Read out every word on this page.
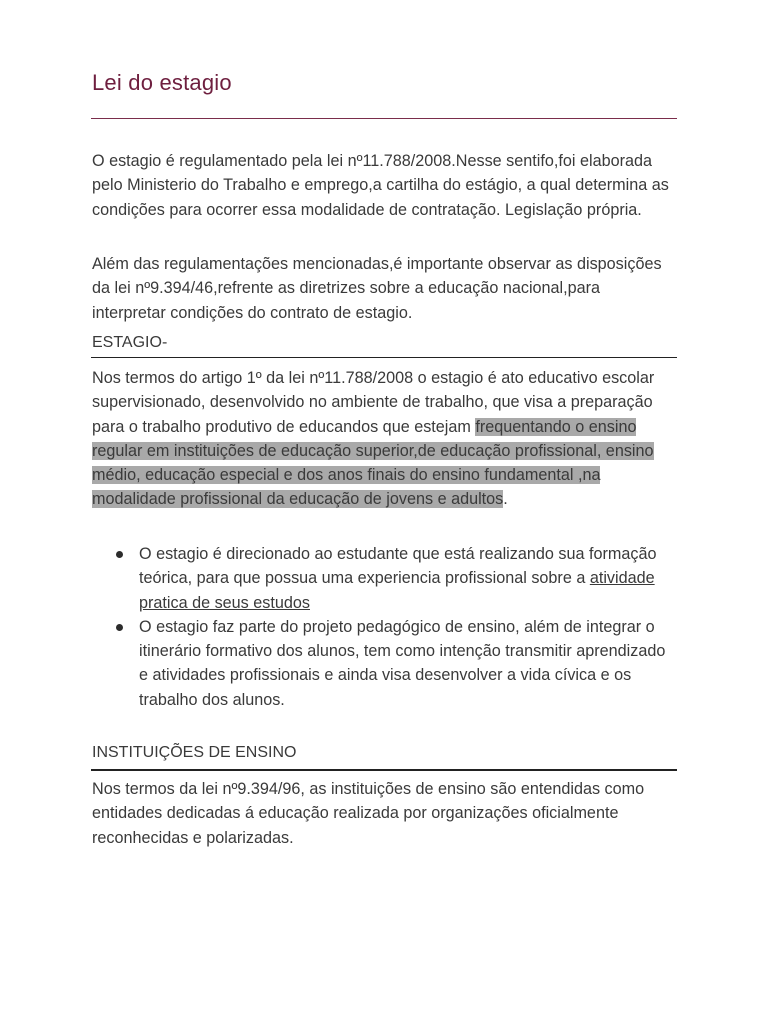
Lei do estagio

O estagio é regulamentado pela lei nº11.788/2008.Nesse sentifo,foi elaborada pelo Ministerio do Trabalho e emprego,a cartilha do estágio, a qual determina as condições para ocorrer essa modalidade de contratação. Legislação própria.

Além das regulamentações mencionadas,é importante observar as disposições da lei nº9.394/46,refrente as diretrizes sobre a educação nacional,para interpretar condições do contrato de estagio.

ESTAGIO-

Nos termos do artigo 1º da lei nº11.788/2008 o estagio é ato educativo escolar supervisionado, desenvolvido no ambiente de trabalho, que visa a preparação para o trabalho produtivo de educandos que estejam frequentando o ensino regular em instituições de educação superior,de educação profissional, ensino médio, educação especial e dos anos finais do ensino fundamental ,na modalidade profissional da educação de jovens e adultos.

O estagio é direcionado ao estudante que está realizando sua formação teórica, para que possua uma experiencia profissional sobre a atividade pratica de seus estudos
O estagio faz parte do projeto pedagógico de ensino, além de integrar o itinerário formativo dos alunos, tem como intenção transmitir aprendizado e atividades profissionais e ainda visa desenvolver a vida cívica e os trabalho dos alunos.
INSTITUIÇÕES DE ENSINO

Nos termos da lei nº9.394/96, as instituições de ensino são entendidas como entidades dedicadas á educação realizada por organizações oficialmente reconhecidas e polarizadas.
